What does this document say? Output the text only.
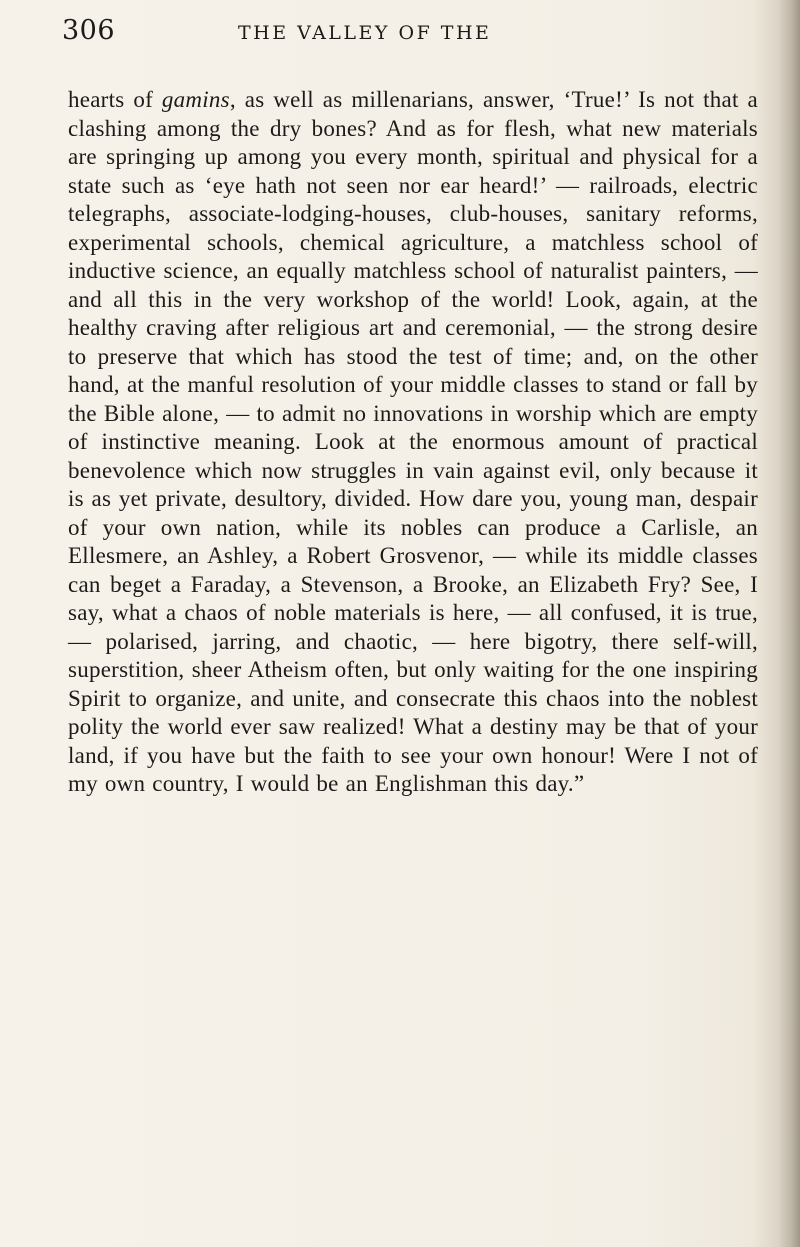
306	THE VALLEY OF THE

hearts of gamins, as well as millenarians, answer, ‘True!’ Is not that a clashing among the dry bones? And as for flesh, what new materials are springing up among you every month, spiritual and physical for a state such as ‘eye hath not seen nor ear heard!’ — railroads, electric telegraphs, associate-lodging-houses, club-houses, sanitary reforms, experimental schools, chemical agriculture, a matchless school of inductive science, an equally matchless school of naturalist painters, — and all this in the very workshop of the world! Look, again, at the healthy craving after religious art and ceremonial, — the strong desire to preserve that which has stood the test of time; and, on the other hand, at the manful resolution of your middle classes to stand or fall by the Bible alone, — to admit no innovations in worship which are empty of instinctive meaning. Look at the enormous amount of practical benevolence which now struggles in vain against evil, only because it is as yet private, desultory, divided. How dare you, young man, despair of your own nation, while its nobles can produce a Carlisle, an Ellesmere, an Ashley, a Robert Grosvenor, — while its middle classes can beget a Faraday, a Stevenson, a Brooke, an Elizabeth Fry? See, I say, what a chaos of noble materials is here, — all confused, it is true, — polarised, jarring, and chaotic, — here bigotry, there self-will, superstition, sheer Atheism often, but only waiting for the one inspiring Spirit to organize, and unite, and consecrate this chaos into the noblest polity the world ever saw realized! What a destiny may be that of your land, if you have but the faith to see your own honour! Were I not of my own country, I would be an Englishman this day.”
